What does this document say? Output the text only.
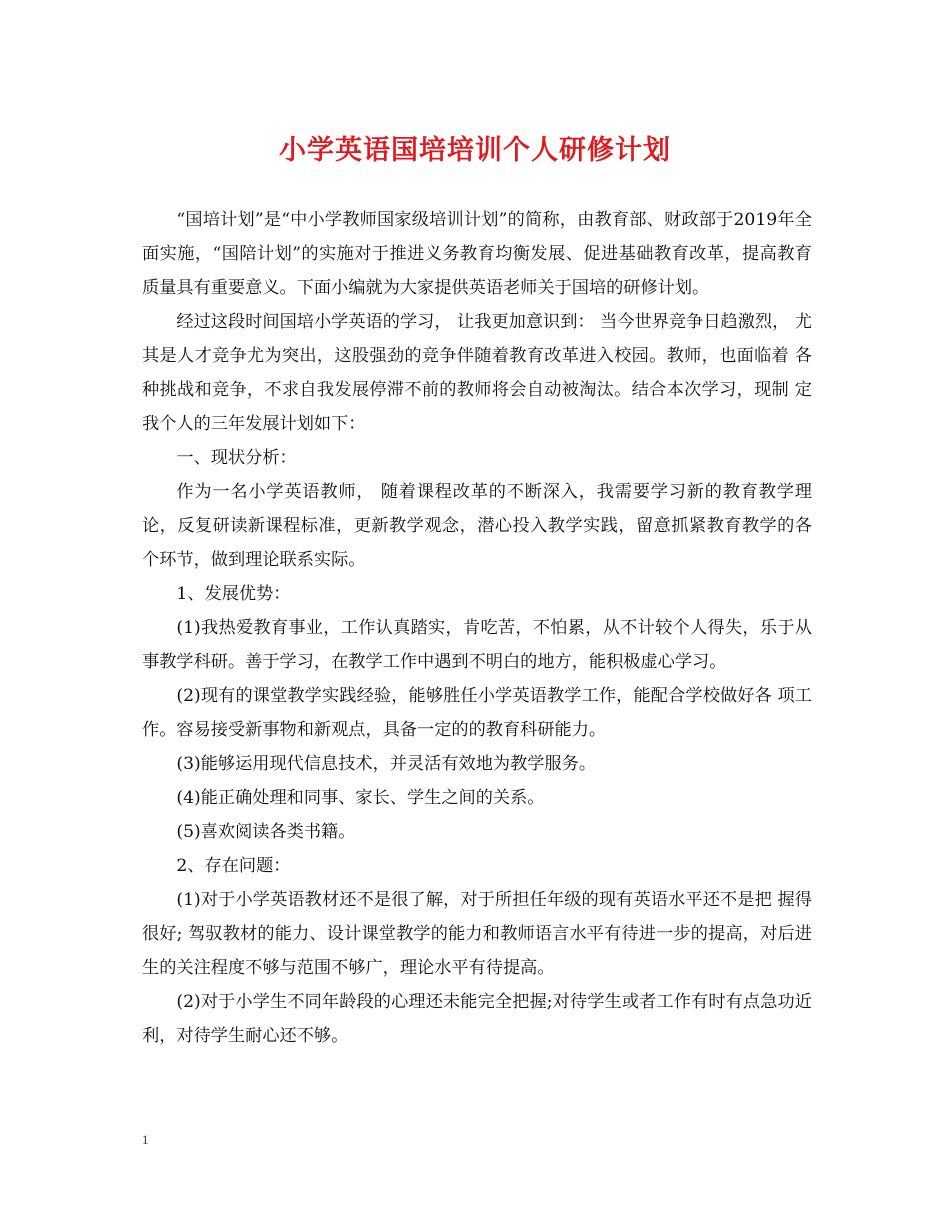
小学英语国培培训个人研修计划

“国培计划”是“中小学教师国家级培训计划”的简称，由教育部、财政部于2019年全面实施，“国陪计划”的实施对于推进义务教育均衡发展、促进基础教育改革，提高教育质量具有重要意义。下面小编就为大家提供英语老师关于国培的研修计划。

经过这段时间国培小学英语的学习， 让我更加意识到： 当今世界竞争日趋激烈， 尤其是人才竞争尤为突出，这股强劲的竞争伴随着教育改革进入校园。教师，也面临着 各种挑战和竞争，不求自我发展停滞不前的教师将会自动被淘汰。结合本次学习，现制 定我个人的三年发展计划如下：

一、现状分析：

作为一名小学英语教师， 随着课程改革的不断深入，我需要学习新的教育教学理 论，反复研读新课程标准，更新教学观念，潜心投入教学实践，留意抓紧教育教学的各 个环节，做到理论联系实际。

1、发展优势：

(1)我热爱教育事业，工作认真踏实，肯吃苦，不怕累，从不计较个人得失，乐于从事教学科研。善于学习，在教学工作中遇到不明白的地方，能积极虚心学习。

(2)现有的课堂教学实践经验，能够胜任小学英语教学工作，能配合学校做好各 项工作。容易接受新事物和新观点，具备一定的的教育科研能力。

(3)能够运用现代信息技术，并灵活有效地为教学服务。

(4)能正确处理和同事、家长、学生之间的关系。

(5)喜欢阅读各类书籍。

2、存在问题：

(1)对于小学英语教材还不是很了解，对于所担任年级的现有英语水平还不是把 握得很好; 驾驭教材的能力、设计课堂教学的能力和教师语言水平有待进一步的提高，对后进 生的关注程度不够与范围不够广，理论水平有待提高。

(2)对于小学生不同年龄段的心理还未能完全把握;对待学生或者工作有时有点急功近利，对待学生耐心还不够。

1
